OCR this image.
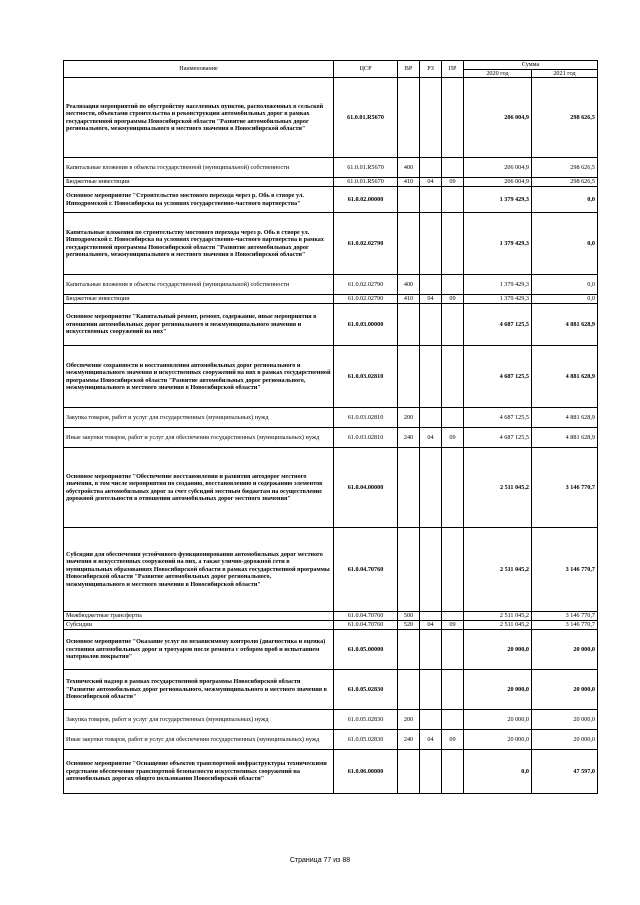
Наименование	ЦСР	ВР	РЗ	ПР	Сумма	
					2020 год	2021 год
Реализация мероприятий по обустройству населенных пунктов, расположенных в сельской местности, объектами строительства и реконструкции автомобильных дорог в рамках государственной программы Новосибирской области "Развитие автомобильных дорог регионального, межмуниципального и местного значения в Новосибирской области"	61.0.01.R5670				206 004,9	298 626,5
Капитальные вложения в объекты государственной (муниципальной) собственности	61.0.01.R5670	400			206 004,9	298 626,5
Бюджетные инвестиции	61.0.01.R5670	410	04	09	206 004,9	298 626,5
Основное мероприятие "Строительство мостового перехода через р. Обь в створе ул. Ипподромской г. Новосибирска на условиях государственно-частного партнерства"	61.0.02.00000				1 379 429,3	0,0
Капитальные вложения по строительству мостового перехода через р. Обь в створе ул. Ипподромской г. Новосибирска на условиях государственно-частного партнерства в рамках государственной программы Новосибирской области "Развитие автомобильных дорог регионального, межмуниципального и местного значения в Новосибирской области"	61.0.02.02790				1 379 429,3	0,0
Капитальные вложения в объекты государственной (муниципальной) собственности	61.0.02.02790	400			1 379 429,3	0,0
Бюджетные инвестиции	61.0.02.02790	410	04	09	1 379 429,3	0,0
Основное мероприятие "Капитальный ремонт, ремонт, содержание, иные мероприятия в отношении автомобильных дорог регионального и межмуниципального значения и искусственных сооружений на них"	61.0.03.00000				4 687 125,5	4 881 628,9
Обеспечение сохранности и восстановления автомобильных дорог регионального и межмуниципального значения и искусственных сооружений на них в рамках государственной программы Новосибирской области "Развитие автомобильных дорог регионального, межмуниципального и местного значения в Новосибирской области"	61.0.03.02810				4 687 125,5	4 881 628,9
Закупка товаров, работ и услуг для государственных (муниципальных) нужд	61.0.03.02810	200			4 687 125,5	4 881 628,9
Иные закупки товаров, работ и услуг для обеспечения государственных (муниципальных) нужд	61.0.03.02810	240	04	09	4 687 125,5	4 881 628,9
Основное мероприятие "Обеспечение восстановления и развития автодорог местного значения, в том числе мероприятия по созданию, восстановлению и содержанию элементов обустройства автомобильных дорог за счет субсидий местным бюджетам на осуществление дорожной деятельности в отношении автомобильных дорог местного значения"	61.0.04.00000				2 511 045,2	3 146 770,7
Субсидии для обеспечения устойчивого функционирования автомобильных дорог местного значения и искусственных сооружений на них, а также улично-дорожной сети в муниципальных образованиях Новосибирской области в рамках государственной программы Новосибирской области "Развитие автомобильных дорог регионального, межмуниципального и местного значения в Новосибирской области"	61.0.04.70760				2 511 045,2	3 146 770,7
Межбюджетные трансферты	61.0.04.70760	500			2 511 045,2	3 146 770,7
Субсидии	61.0.04.70760	520	04	09	2 511 045,2	3 146 770,7
Основное мероприятие "Оказание услуг по независимому контролю (диагностика и оценка) состояния автомобильных дорог и тротуаров после ремонта с отбором проб и испытанием материалов покрытия"	61.0.05.00000				20 000,0	20 000,0
Технический надзор в рамках государственной программы Новосибирской области "Развитие автомобильных дорог регионального, межмуниципального и местного значения в Новосибирской области"	61.0.05.02830				20 000,0	20 000,0
Закупка товаров, работ и услуг для государственных (муниципальных) нужд	61.0.05.02830	200			20 000,0	20 000,0
Иные закупки товаров, работ и услуг для обеспечения государственных (муниципальных) нужд	61.0.05.02830	240	04	09	20 000,0	20 000,0
Основное мероприятие "Оснащение объектов транспортной инфраструктуры техническими средствами обеспечения транспортной безопасности искусственных сооружений на автомобильных дорогах общего пользования Новосибирской области"	61.0.06.00000				0,0	47 597,0
Страница 77 из 88
